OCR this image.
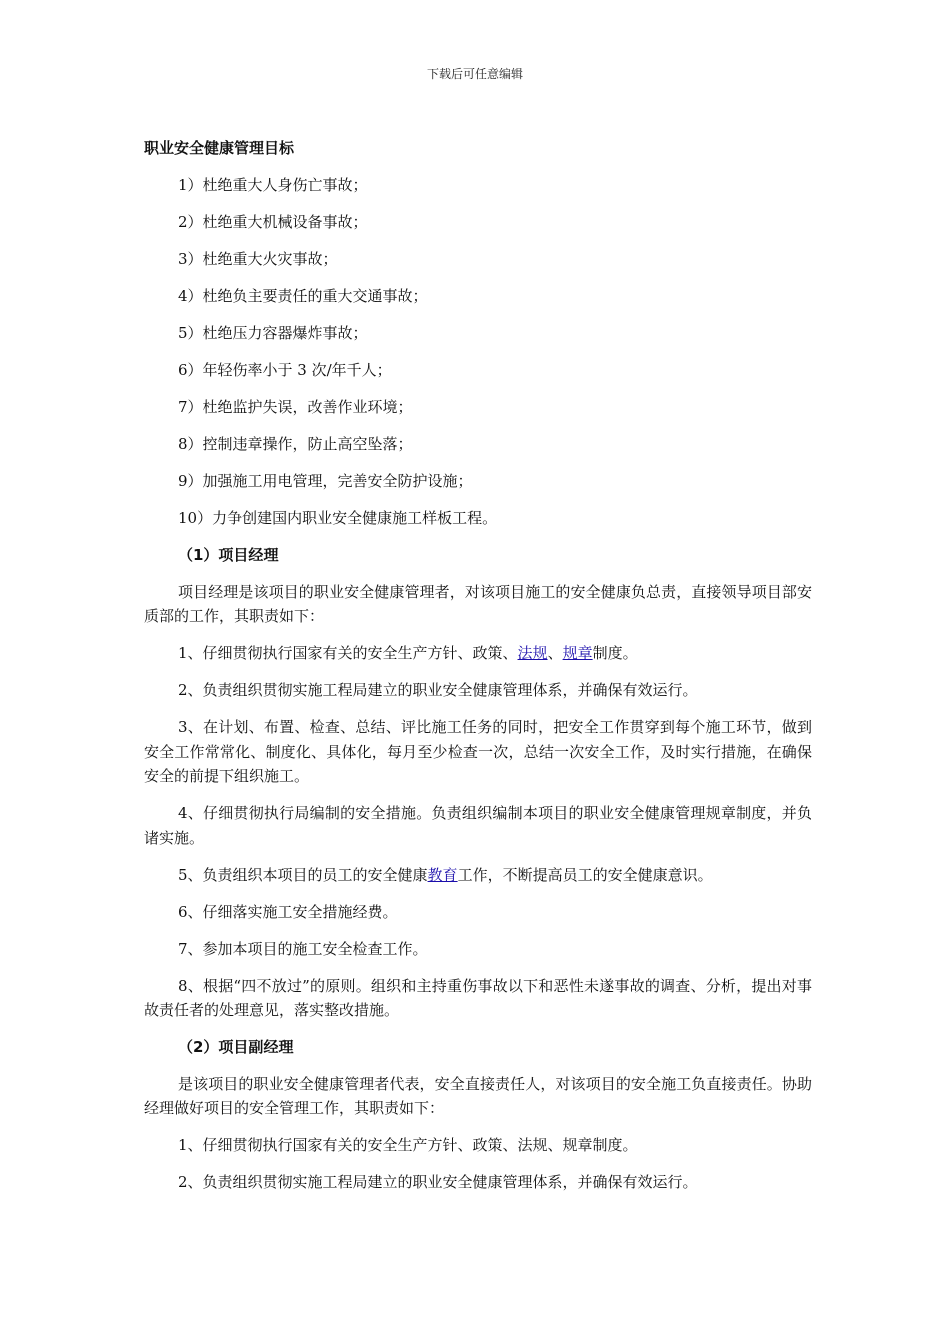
下载后可任意编辑
职业安全健康管理目标
1）杜绝重大人身伤亡事故；
2）杜绝重大机械设备事故；
3）杜绝重大火灾事故；
4）杜绝负主要责任的重大交通事故；
5）杜绝压力容器爆炸事故；
6）年轻伤率小于 3 次/年千人；
7）杜绝监护失误，改善作业环境；
8）控制违章操作，防止高空坠落；
9）加强施工用电管理，完善安全防护设施；
10）力争创建国内职业安全健康施工样板工程。
（1）项目经理
项目经理是该项目的职业安全健康管理者，对该项目施工的安全健康负总责，直接领导项目部安质部的工作，其职责如下：
1、仔细贯彻执行国家有关的安全生产方针、政策、法规、规章制度。
2、负责组织贯彻实施工程局建立的职业安全健康管理体系，并确保有效运行。
3、在计划、布置、检查、总结、评比施工任务的同时，把安全工作贯穿到每个施工环节，做到安全工作常常化、制度化、具体化，每月至少检查一次，总结一次安全工作，及时实行措施，在确保安全的前提下组织施工。
4、仔细贯彻执行局编制的安全措施。负责组织编制本项目的职业安全健康管理规章制度，并负诸实施。
5、负责组织本项目的员工的安全健康教育工作，不断提高员工的安全健康意识。
6、仔细落实施工安全措施经费。
7、参加本项目的施工安全检查工作。
8、根据“四不放过”的原则。组织和主持重伤事故以下和恶性未遂事故的调查、分析，提出对事故责任者的处理意见，落实整改措施。
（2）项目副经理
是该项目的职业安全健康管理者代表，安全直接责任人，对该项目的安全施工负直接责任。协助经理做好项目的安全管理工作，其职责如下：
1、仔细贯彻执行国家有关的安全生产方针、政策、法规、规章制度。
2、负责组织贯彻实施工程局建立的职业安全健康管理体系，并确保有效运行。
